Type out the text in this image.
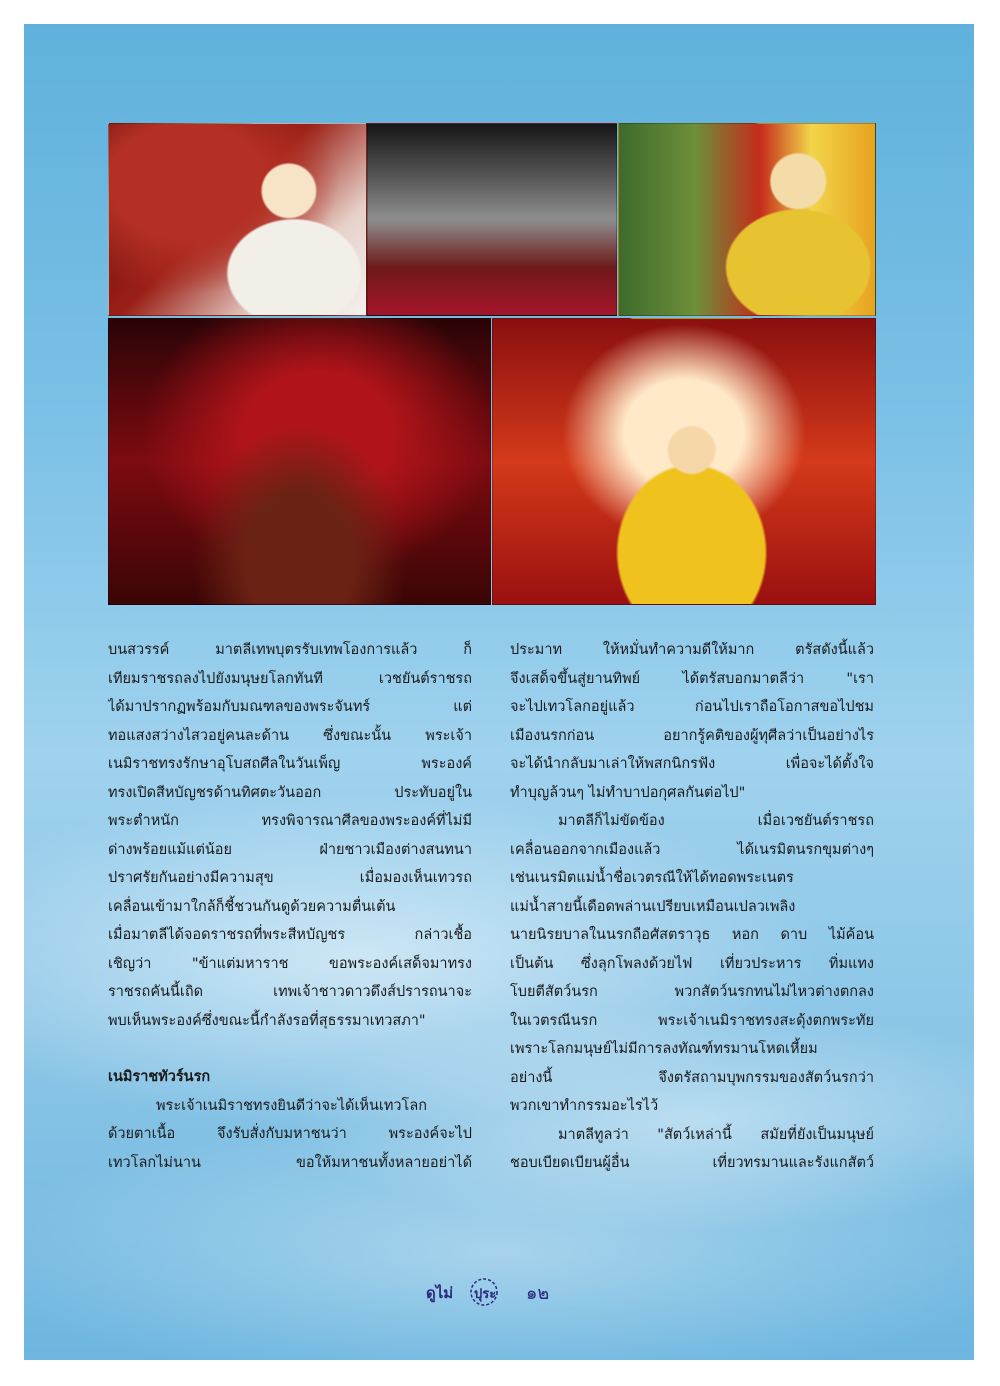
บนสวรรค์ มาตลีเทพบุตรรับเทพโองการแล้ว ก็
เทียมราชรถลงไปยังมนุษยโลกทันที เวชยันต์ราชรถ
ได้มาปรากฏพร้อมกับมณฑลของพระจันทร์ แต่
ทอแสงสว่างไสวอยู่คนละด้าน ซึ่งขณะนั้น พระเจ้า
เนมิราชทรงรักษาอุโบสถศีลในวันเพ็ญ พระองค์
ทรงเปิดสีหบัญชรด้านทิศตะวันออก ประทับอยู่ใน
พระตำหนัก ทรงพิจารณาศีลของพระองค์ที่ไม่มี
ด่างพร้อยแม้แต่น้อย ฝ่ายชาวเมืองต่างสนทนา
ปราศรัยกันอย่างมีความสุข เมื่อมองเห็นเทวรถ
เคลื่อนเข้ามาใกล้ก็ชี้ชวนกันดูด้วยความตื่นเต้น
เมื่อมาตลีได้จอดราชรถที่พระสีหบัญชร กล่าวเชื้อ
เชิญว่า "ข้าแต่มหาราช ขอพระองค์เสด็จมาทรง
ราชรถคันนี้เถิด เทพเจ้าชาวดาวดึงส์ปรารถนาจะ
พบเห็นพระองค์ซึ่งขณะนี้กำลังรอที่สุธรรมาเทวสภา"
เนมิราชทัวร์นรก
พระเจ้าเนมิราชทรงยินดีว่าจะได้เห็นเทวโลก
ด้วยตาเนื้อ จึงรับสั่งกับมหาชนว่า พระองค์จะไป
เทวโลกไม่นาน ขอให้มหาชนทั้งหลายอย่าได้
ประมาท ให้หมั่นทำความดีให้มาก ตรัสดังนี้แล้ว
จึงเสด็จขึ้นสู่ยานทิพย์ ได้ตรัสบอกมาตลีว่า "เรา
จะไปเทวโลกอยู่แล้ว ก่อนไปเราถือโอกาสขอไปชม
เมืองนรกก่อน อยากรู้คติของผู้ทุศีลว่าเป็นอย่างไร
จะได้นำกลับมาเล่าให้พสกนิกรฟัง เพื่อจะได้ตั้งใจ
ทำบุญล้วนๆ ไม่ทำบาปอกุศลกันต่อไป"
มาตลีก็ไม่ขัดข้อง เมื่อเวชยันต์ราชรถ
เคลื่อนออกจากเมืองแล้ว ได้เนรมิตนรกขุมต่างๆ
เช่นเนรมิตแม่น้ำชื่อเวตรณีให้ได้ทอดพระเนตร
แม่น้ำสายนี้เดือดพล่านเปรียบเหมือนเปลวเพลิง
นายนิรยบาลในนรกถือศัสตราวุธ หอก ดาบ ไม้ค้อน
เป็นต้น ซึ่งลุกโพลงด้วยไฟ เที่ยวประหาร ทิ่มแทง
โบยตีสัตว์นรก พวกสัตว์นรกทนไม่ไหวต่างตกลง
ในเวตรณีนรก พระเจ้าเนมิราชทรงสะดุ้งตกพระทัย
เพราะโลกมนุษย์ไม่มีการลงทัณฑ์ทรมานโหดเหี้ยม
อย่างนี้ จึงตรัสถามบุพกรรมของสัตว์นรกว่า
พวกเขาทำกรรมอะไรไว้
มาตลีทูลว่า "สัตว์เหล่านี้ สมัยที่ยังเป็นมนุษย์
ชอบเบียดเบียนผู้อื่น เที่ยวทรมานและรังแกสัตว์
ดูไม่ ปุระ ๑๒
